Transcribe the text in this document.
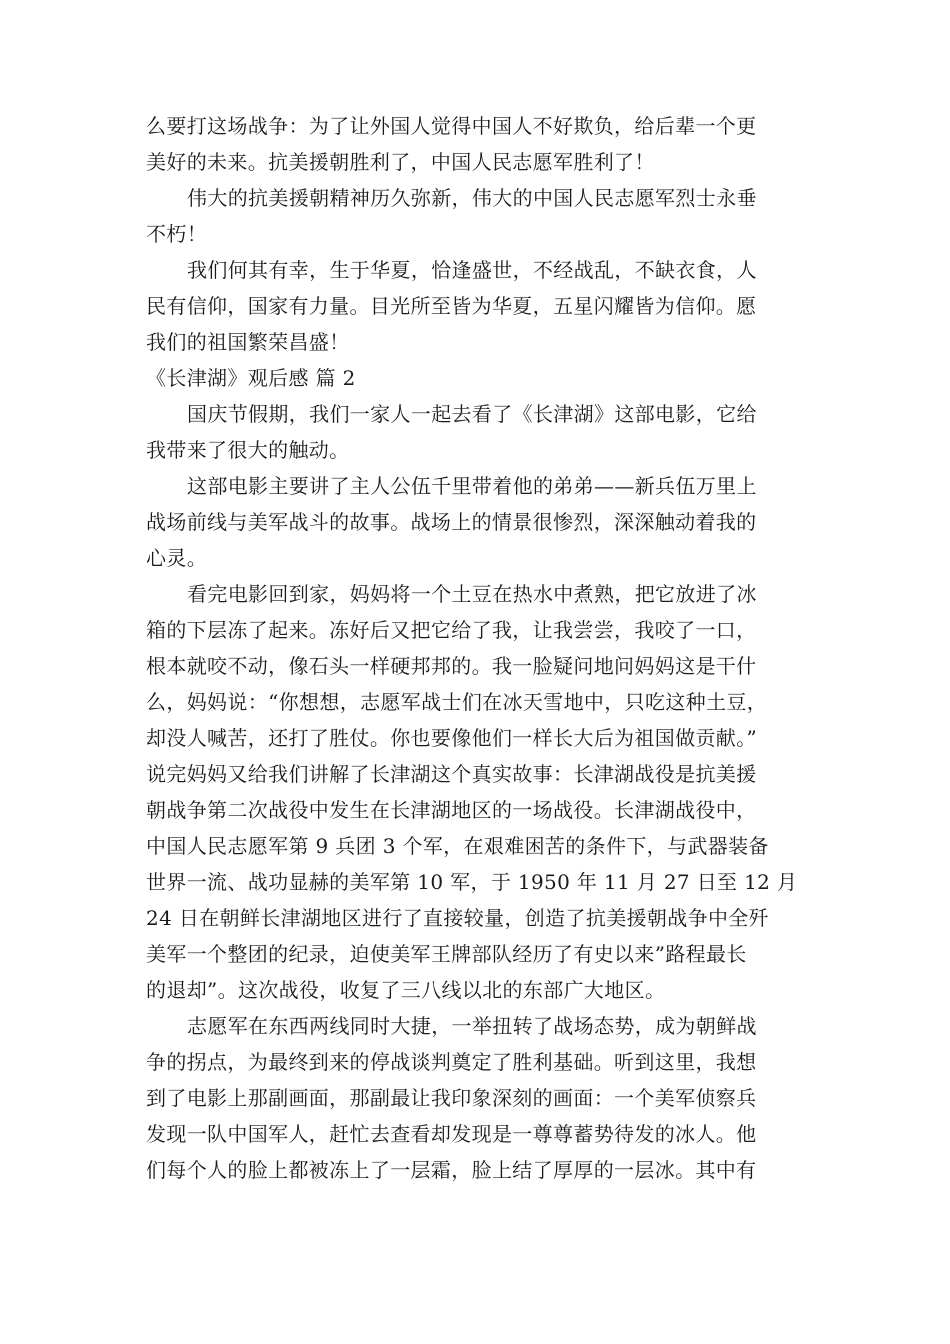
么要打这场战争：为了让外国人觉得中国人不好欺负，给后辈一个更
美好的未来。抗美援朝胜利了，中国人民志愿军胜利了！
伟大的抗美援朝精神历久弥新，伟大的中国人民志愿军烈士永垂
不朽！
我们何其有幸，生于华夏，恰逢盛世，不经战乱，不缺衣食，人
民有信仰，国家有力量。目光所至皆为华夏，五星闪耀皆为信仰。愿
我们的祖国繁荣昌盛！
《长津湖》观后感 篇 2
国庆节假期，我们一家人一起去看了《长津湖》这部电影，它给
我带来了很大的触动。
这部电影主要讲了主人公伍千里带着他的弟弟——新兵伍万里上
战场前线与美军战斗的故事。战场上的情景很惨烈，深深触动着我的
心灵。
看完电影回到家，妈妈将一个土豆在热水中煮熟，把它放进了冰
箱的下层冻了起来。冻好后又把它给了我，让我尝尝，我咬了一口，
根本就咬不动，像石头一样硬邦邦的。我一脸疑问地问妈妈这是干什
么，妈妈说：“你想想，志愿军战士们在冰天雪地中，只吃这种土豆，
却没人喊苦，还打了胜仗。你也要像他们一样长大后为祖国做贡献。”
说完妈妈又给我们讲解了长津湖这个真实故事：长津湖战役是抗美援
朝战争第二次战役中发生在长津湖地区的一场战役。长津湖战役中，
中国人民志愿军第 9 兵团 3 个军，在艰难困苦的条件下，与武器装备
世界一流、战功显赫的美军第 10 军，于 1950 年 11 月 27 日至 12 月
24 日在朝鲜长津湖地区进行了直接较量，创造了抗美援朝战争中全歼
美军一个整团的纪录，迫使美军王牌部队经历了有史以来”路程最长
的退却”。这次战役，收复了三八线以北的东部广大地区。
志愿军在东西两线同时大捷，一举扭转了战场态势，成为朝鲜战
争的拐点，为最终到来的停战谈判奠定了胜利基础。听到这里，我想
到了电影上那副画面，那副最让我印象深刻的画面：一个美军侦察兵
发现一队中国军人，赶忙去查看却发现是一尊尊蓄势待发的冰人。他
们每个人的脸上都被冻上了一层霜，脸上结了厚厚的一层冰。其中有
